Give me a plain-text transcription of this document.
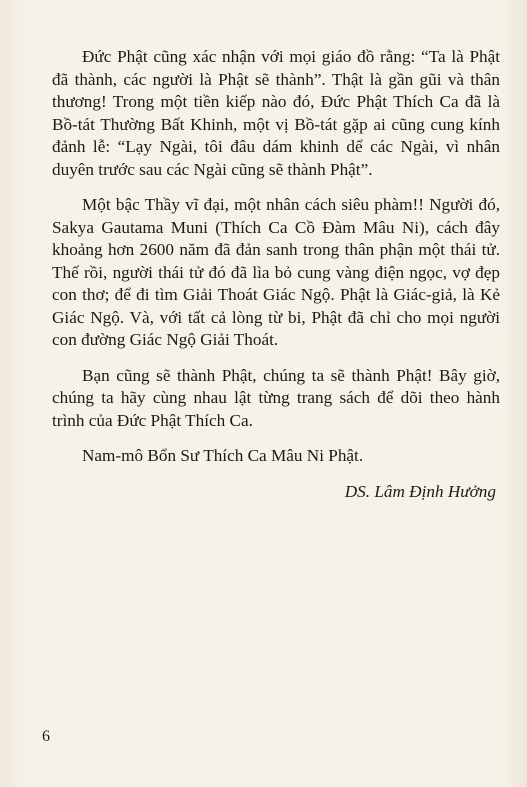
Đức Phật cũng xác nhận với mọi giáo đồ rằng: “Ta là Phật đã thành, các người là Phật sẽ thành”. Thật là gần gũi và thân thương! Trong một tiền kiếp nào đó, Đức Phật Thích Ca đã là Bồ-tát Thường Bất Khinh, một vị Bồ-tát gặp ai cũng cung kính đảnh lễ: “Lạy Ngài, tôi đâu dám khinh dể các Ngài, vì nhân duyên trước sau các Ngài cũng sẽ thành Phật”.

Một bậc Thầy vĩ đại, một nhân cách siêu phàm!! Người đó, Sakya Gautama Muni (Thích Ca Cồ Đàm Mâu Ni), cách đây khoảng hơn 2600 năm đã đản sanh trong thân phận một thái tử. Thế rồi, người thái tử đó đã lìa bỏ cung vàng điện ngọc, vợ đẹp con thơ; để đi tìm Giải Thoát Giác Ngộ. Phật là Giác-giả, là Kẻ Giác Ngộ. Và, với tất cả lòng từ bi, Phật đã chỉ cho mọi người con đường Giác Ngộ Giải Thoát.

Bạn cũng sẽ thành Phật, chúng ta sẽ thành Phật! Bây giờ, chúng ta hãy cùng nhau lật từng trang sách để dõi theo hành trình của Đức Phật Thích Ca.

Nam-mô Bổn Sư Thích Ca Mâu Ni Phật.

DS. Lâm Định Hưởng

6
